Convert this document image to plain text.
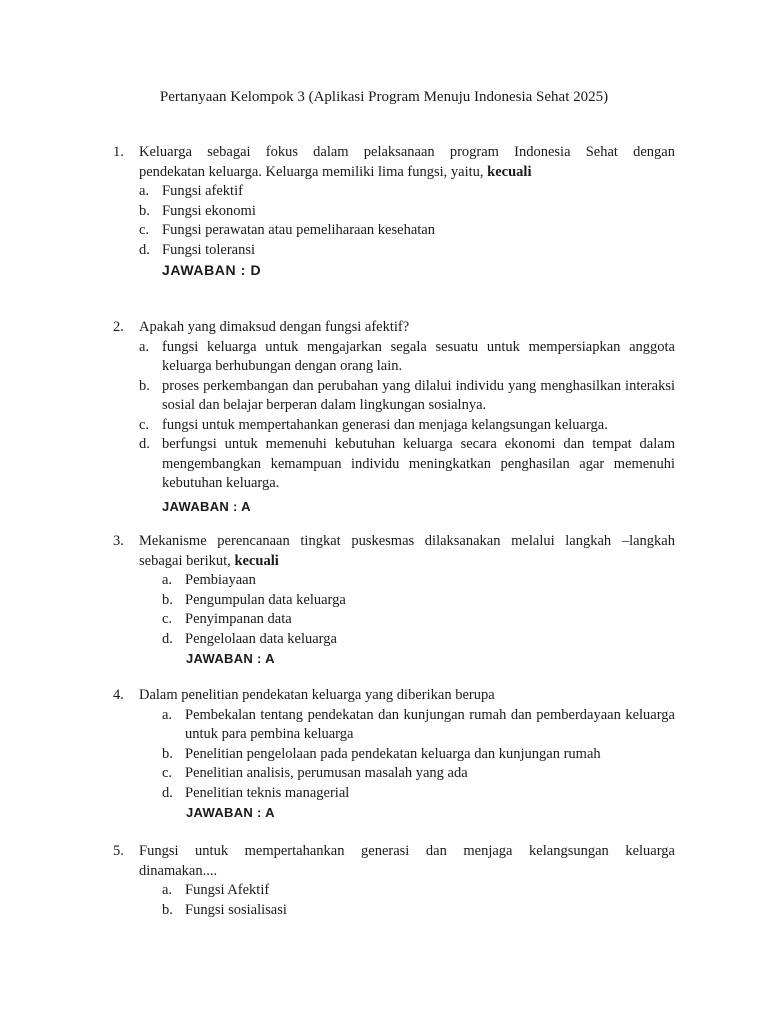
Pertanyaan Kelompok 3 (Aplikasi Program Menuju Indonesia Sehat 2025)
1.	Keluarga sebagai fokus dalam pelaksanaan program Indonesia Sehat dengan
pendekatan keluarga. Keluarga memiliki lima fungsi, yaitu, kecuali
a. Fungsi afektif
b. Fungsi ekonomi
c. Fungsi perawatan atau pemeliharaan kesehatan
d. Fungsi toleransi
JAWABAN : D
2.	Apakah yang dimaksud dengan fungsi afektif?
a. fungsi keluarga untuk mengajarkan segala sesuatu untuk mempersiapkan anggota keluarga berhubungan dengan orang lain.
b. proses perkembangan dan perubahan yang dilalui individu yang menghasilkan interaksi sosial dan belajar berperan dalam lingkungan sosialnya.
c. fungsi untuk mempertahankan generasi dan menjaga kelangsungan keluarga.
d. berfungsi untuk memenuhi kebutuhan keluarga secara ekonomi dan tempat dalam mengembangkan kemampuan individu meningkatkan penghasilan agar memenuhi kebutuhan keluarga.
JAWABAN : A
3.	Mekanisme perencanaan tingkat puskesmas dilaksanakan melalui langkah –langkah
sebagai berikut, kecuali
a. Pembiayaan
b. Pengumpulan data keluarga
c. Penyimpanan data
d. Pengelolaan data keluarga
JAWABAN : A
4.	Dalam penelitian pendekatan keluarga yang diberikan berupa
a. Pembekalan tentang pendekatan dan kunjungan rumah dan pemberdayaan keluarga untuk para pembina keluarga
b. Penelitian pengelolaan pada pendekatan keluarga dan kunjungan rumah
c. Penelitian analisis, perumusan masalah yang ada
d. Penelitian teknis managerial
JAWABAN : A
5.	Fungsi untuk mempertahankan generasi dan menjaga kelangsungan keluarga
dinamakan....
a. Fungsi Afektif
b. Fungsi sosialisasi
